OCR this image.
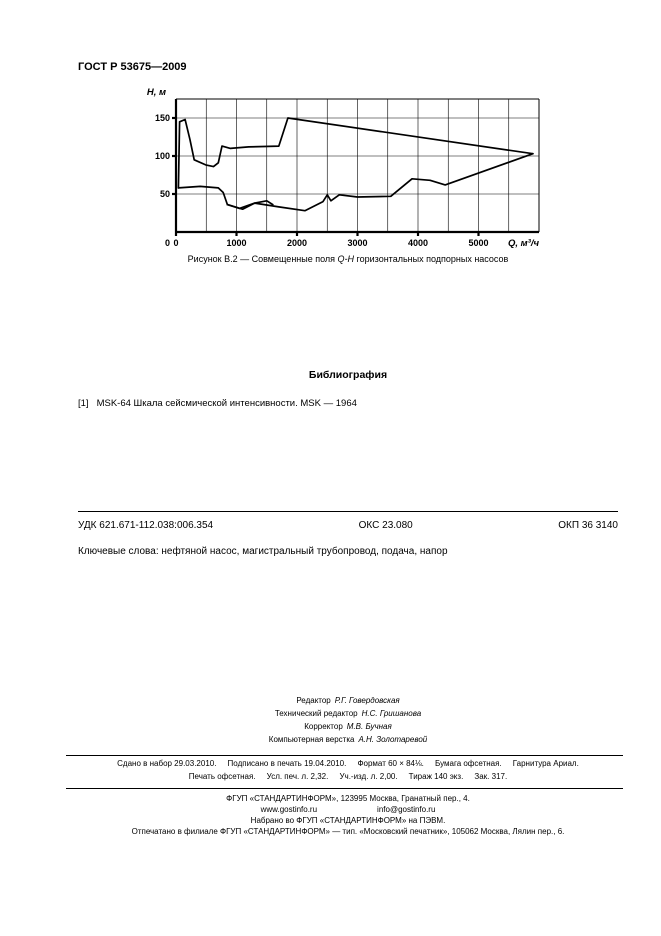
ГОСТ Р 53675—2009
0	1000	2000	3000	4000	5000
50
100
150
0
Н, м
Q, м³/ч
Рисунок В.2 — Совмещенные поля Q-H горизонтальных подпорных насосов
Библиография
[1] MSK-64 Шкала сейсмической интенсивности. MSK — 1964
УДК 621.671-112.038:006.354	ОКС 23.080	ОКП 36 3140
Ключевые слова: нефтяной насос, магистральный трубопровод, подача, напор
Редактор Р.Г. Говердовская
Технический редактор Н.С. Гришанова
Корректор М.В. Бучная
Компьютерная верстка А.Н. Золотаревой
Сдано в набор 29.03.2010.     Подписано в печать 19.04.2010.     Формат 60 × 84⅛.     Бумага офсетная.     Гарнитура Ариал.
Печать офсетная.     Усл. печ. л. 2,32.     Уч.-изд. л. 2,00.     Тираж 140 экз.     Зак. 317.
ФГУП «СТАНДАРТИНФОРМ», 123995 Москва, Гранатный пер., 4.
www.gostinfo.ru	info@gostinfo.ru
Набрано во ФГУП «СТАНДАРТИНФОРМ» на ПЭВМ.
Отпечатано в филиале ФГУП «СТАНДАРТИНФОРМ» — тип. «Московский печатник», 105062 Москва, Лялин пер., 6.
